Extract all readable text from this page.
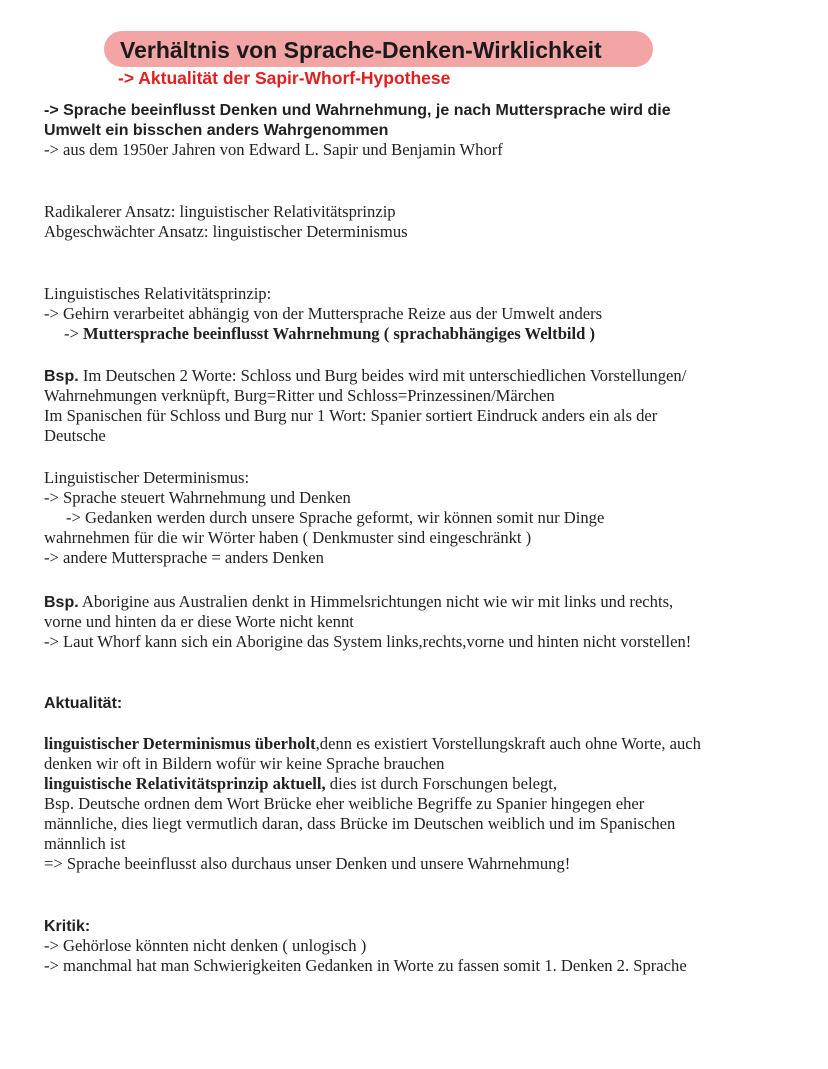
Verhältnis von Sprache-Denken-Wirklichkeit
-> Aktualität der Sapir-Whorf-Hypothese
-> Sprache beeinflusst Denken und Wahrnehmung, je nach Muttersprache wird die
Umwelt ein bisschen anders Wahrgenommen
-> aus dem 1950er Jahren von Edward L. Sapir und Benjamin Whorf
Radikalerer Ansatz: linguistischer Relativitätsprinzip
Abgeschwächter Ansatz: linguistischer Determinismus
Linguistisches Relativitätsprinzip:
-> Gehirn verarbeitet abhängig von der Muttersprache Reize aus der Umwelt anders
-> Muttersprache beeinflusst Wahrnehmung ( sprachabhängiges Weltbild )
Bsp. Im Deutschen 2 Worte: Schloss und Burg beides wird mit unterschiedlichen Vorstellungen/
Wahrnehmungen verknüpft, Burg=Ritter und Schloss=Prinzessinen/Märchen
Im Spanischen für Schloss und Burg nur 1 Wort: Spanier sortiert Eindruck anders ein als der
Deutsche
Linguistischer Determinismus:
-> Sprache steuert Wahrnehmung und Denken
-> Gedanken werden durch unsere Sprache geformt, wir können somit nur Dinge
wahrnehmen für die wir Wörter haben ( Denkmuster sind eingeschränkt )
-> andere Muttersprache = anders Denken
Bsp. Aborigine aus Australien denkt in Himmelsrichtungen nicht wie wir mit links und rechts,
vorne und hinten da er diese Worte nicht kennt
-> Laut Whorf kann sich ein Aborigine das System links,rechts,vorne und hinten nicht vorstellen!
Aktualität:
linguistischer Determinismus überholt,denn es existiert Vorstellungskraft auch ohne Worte, auch
denken wir oft in Bildern wofür wir keine Sprache brauchen
linguistische Relativitätsprinzip aktuell, dies ist durch Forschungen belegt,
Bsp. Deutsche ordnen dem Wort Brücke eher weibliche Begriffe zu Spanier hingegen eher
männliche, dies liegt vermutlich daran, dass Brücke im Deutschen weiblich und im Spanischen
männlich ist
=> Sprache beeinflusst also durchaus unser Denken und unsere Wahrnehmung!
Kritik:
-> Gehörlose könnten nicht denken ( unlogisch )
-> manchmal hat man Schwierigkeiten Gedanken in Worte zu fassen somit 1. Denken 2. Sprache
